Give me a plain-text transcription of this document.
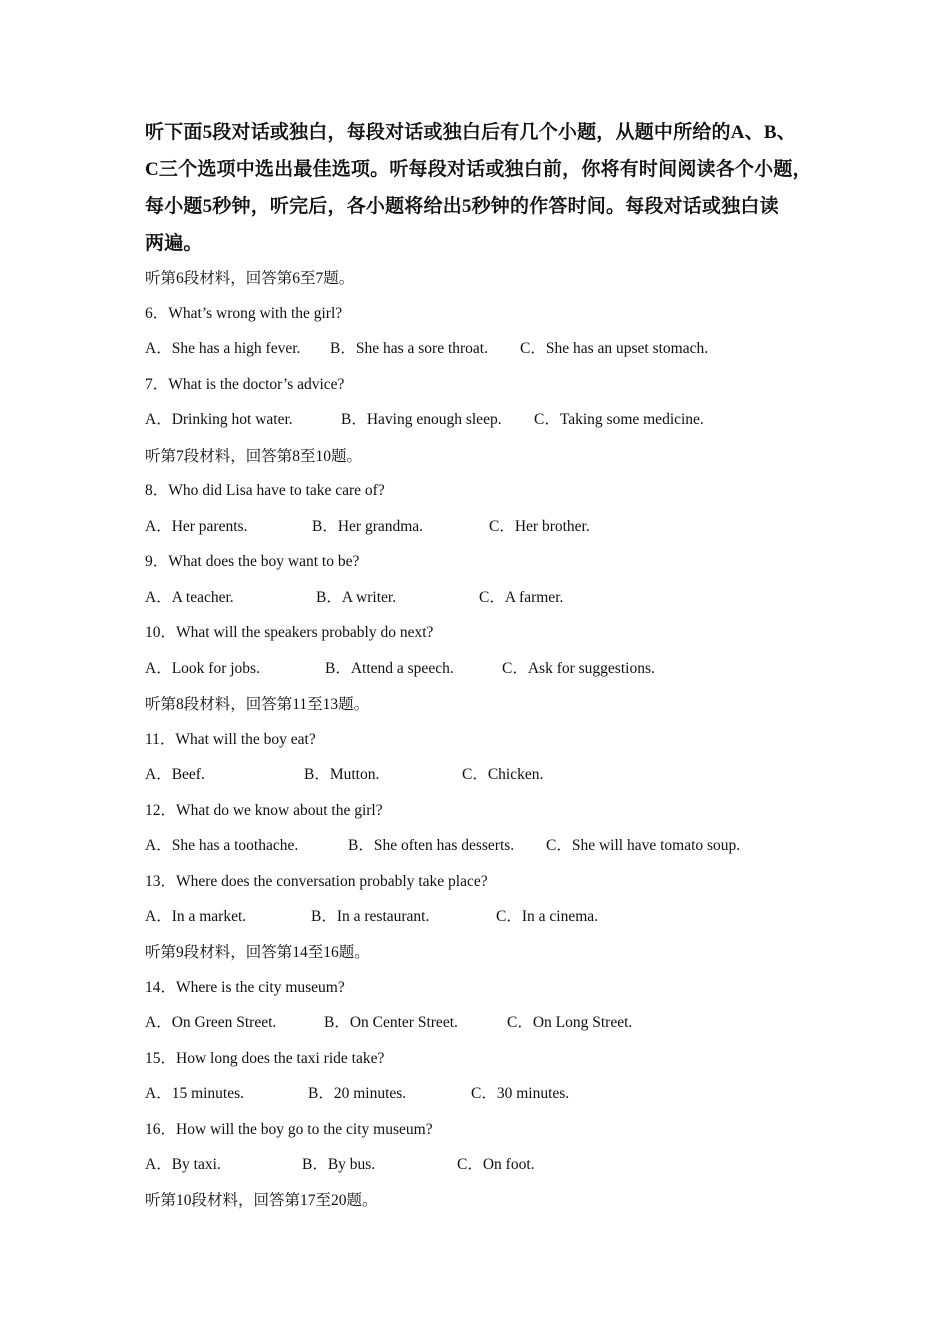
听下面5段对话或独白，每段对话或独白后有几个小题，从题中所给的A、B、
C三个选项中选出最佳选项。听每段对话或独白前，你将有时间阅读各个小题，
每小题5秒钟，听完后，各小题将给出5秒钟的作答时间。每段对话或独白读
两遍。
听第6段材料，回答第6至7题。
6．What’s wrong with the girl?
A．She has a high fever. B．She has a sore throat. C．She has an upset stomach.
7．What is the doctor’s advice?
A．Drinking hot water.	B．Having enough sleep. C．Taking some medicine.
听第7段材料，回答第8至10题。
8．Who did Lisa have to take care of?
A．Her parents.	B．Her grandma.	C．Her brother.
9．What does the boy want to be?
A．A teacher.	B．A writer.	C．A farmer.
10．What will the speakers probably do next?
A．Look for jobs.	B．Attend a speech.	C．Ask for suggestions.
听第8段材料，回答第11至13题。
11．What will the boy eat?
A．Beef.	B．Mutton.	C．Chicken.
12．What do we know about the girl?
A．She has a toothache.	B．She often has desserts. C．She will have tomato soup.
13．Where does the conversation probably take place?
A．In a market.	B．In a restaurant.	C．In a cinema.
听第9段材料，回答第14至16题。
14．Where is the city museum?
A．On Green Street.	B．On Center Street.	C．On Long Street.
15．How long does the taxi ride take?
A．15 minutes.	B．20 minutes.	C．30 minutes.
16．How will the boy go to the city museum?
A．By taxi.	B．By bus.	C．On foot.
听第10段材料，回答第17至20题。
